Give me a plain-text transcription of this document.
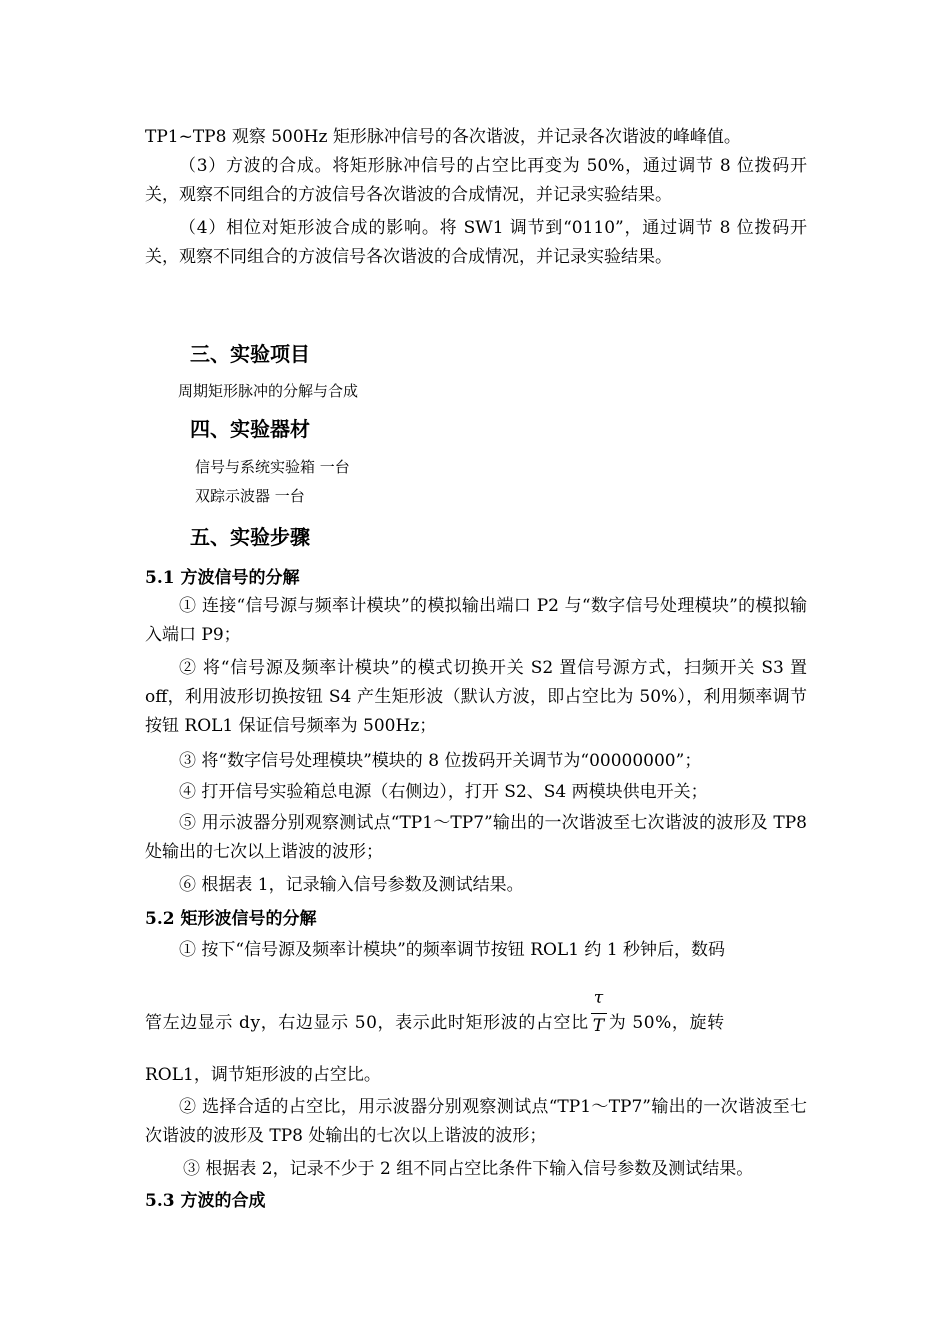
TP1~TP8 观察 500Hz 矩形脉冲信号的各次谐波，并记录各次谐波的峰峰值。

（3）方波的合成。将矩形脉冲信号的占空比再变为 50%，通过调节 8 位拨码开关，观察不同组合的方波信号各次谐波的合成情况，并记录实验结果。

（4）相位对矩形波合成的影响。将 SW1 调节到“0110”，通过调节 8 位拨码开关，观察不同组合的方波信号各次谐波的合成情况，并记录实验结果。

三、实验项目

周期矩形脉冲的分解与合成

四、实验器材

信号与系统实验箱 一台

双踪示波器 一台

五、实验步骤
5.1 方波信号的分解

① 连接“信号源与频率计模块”的模拟输出端口 P2 与“数字信号处理模块”的模拟输入端口 P9；

② 将“信号源及频率计模块”的模式切换开关 S2 置信号源方式，扫频开关 S3 置 off，利用波形切换按钮 S4 产生矩形波（默认方波，即占空比为 50%），利用频率调节按钮 ROL1 保证信号频率为 500Hz；

③ 将“数字信号处理模块”模块的 8 位拨码开关调节为“00000000”；

④ 打开信号实验箱总电源（右侧边），打开 S2、S4 两模块供电开关；

⑤ 用示波器分别观察测试点“TP1～TP7”输出的一次谐波至七次谐波的波形及 TP8 处输出的七次以上谐波的波形；

⑥ 根据表 1，记录输入信号参数及测试结果。

5.2 矩形波信号的分解

① 按下“信号源及频率计模块”的频率调节按钮 ROL1 约 1 秒钟后，数码

管左边显示 dy，右边显示 50，表示此时矩形波的占空比 $\frac{\tau}{T}$ 为 50%，旋转

ROL1，调节矩形波的占空比。

② 选择合适的占空比，用示波器分别观察测试点“TP1～TP7”输出的一次谐波至七次谐波的波形及 TP8 处输出的七次以上谐波的波形；

③ 根据表 2，记录不少于 2 组不同占空比条件下输入信号参数及测试结果。

5.3 方波的合成
